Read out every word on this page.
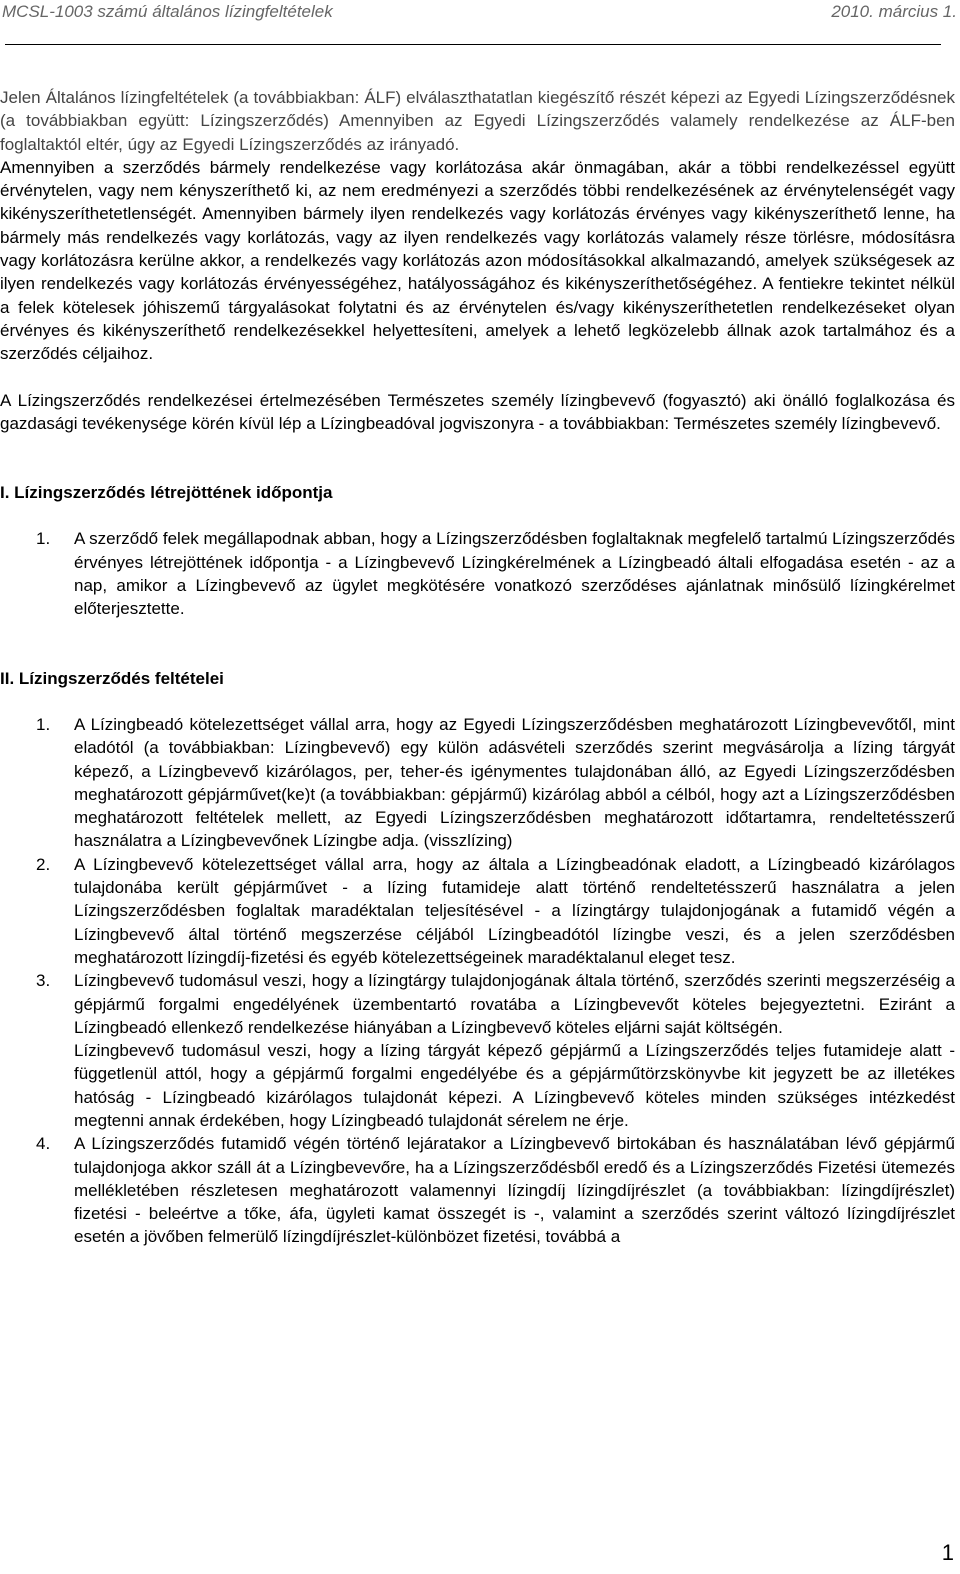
MCSL-1003 számú általános lízingfeltételek	2010. március 1.

Jelen Általános lízingfeltételek (a továbbiakban: ÁLF) elválaszthatatlan kiegészítő részét képezi az Egyedi Lízingszerződésnek (a továbbiakban együtt: Lízingszerződés) Amennyiben az Egyedi Lízingszerződés valamely rendelkezése az ÁLF-ben foglaltaktól eltér, úgy az Egyedi Lízingszerződés az irányadó.

Amennyiben a szerződés bármely rendelkezése vagy korlátozása akár önmagában, akár a többi rendelkezéssel együtt érvénytelen, vagy nem kényszeríthető ki, az nem eredményezi a szerződés többi rendelkezésének az érvénytelenségét vagy kikényszeríthetetlenségét. Amennyiben bármely ilyen rendelkezés vagy korlátozás érvényes vagy kikényszeríthető lenne, ha bármely más rendelkezés vagy korlátozás, vagy az ilyen rendelkezés vagy korlátozás valamely része törlésre, módosításra vagy korlátozásra kerülne akkor, a rendelkezés vagy korlátozás azon módosításokkal alkalmazandó, amelyek szükségesek az ilyen rendelkezés vagy korlátozás érvényességéhez, hatályosságához és kikényszeríthetőségéhez. A fentiekre tekintet nélkül a felek kötelesek jóhiszemű tárgyalásokat folytatni és az érvénytelen és/vagy kikényszeríthetetlen rendelkezéseket olyan érvényes és kikényszeríthető rendelkezésekkel helyettesíteni, amelyek a lehető legközelebb állnak azok tartalmához és a szerződés céljaihoz.

A Lízingszerződés rendelkezései értelmezésében Természetes személy lízingbevevő (fogyasztó) aki önálló foglalkozása és gazdasági tevékenysége körén kívül lép a Lízingbeadóval jogviszonyra - a továbbiakban: Természetes személy lízingbevevő.

I. Lízingszerződés létrejöttének időpontja

1. A szerződő felek megállapodnak abban, hogy a Lízingszerződésben foglaltaknak megfelelő tartalmú Lízingszerződés érvényes létrejöttének időpontja - a Lízingbevevő Lízingkérelmének a Lízingbeadó általi elfogadása esetén - az a nap, amikor a Lízingbevevő az ügylet megkötésére vonatkozó szerződéses ajánlatnak minősülő lízingkérelmet előterjesztette.

II. Lízingszerződés feltételei

1. A Lízingbeadó kötelezettséget vállal arra, hogy az Egyedi Lízingszerződésben meghatározott Lízingbevevőtől, mint eladótól (a továbbiakban: Lízingbevevő) egy külön adásvételi szerződés szerint megvásárolja a lízing tárgyát képező, a Lízingbevevő kizárólagos, per, teher-és igénymentes tulajdonában álló, az Egyedi Lízingszerződésben meghatározott gépjárművet(ke)t (a továbbiakban: gépjármű) kizárólag abból a célból, hogy azt a Lízingszerződésben meghatározott feltételek mellett, az Egyedi Lízingszerződésben meghatározott időtartamra, rendeltetésszerű használatra a Lízingbevevőnek Lízingbe adja. (visszlízing)
2. A Lízingbevevő kötelezettséget vállal arra, hogy az általa a Lízingbeadónak eladott, a Lízingbeadó kizárólagos tulajdonába került gépjárművet - a lízing futamideje alatt történő rendeltetésszerű használatra a jelen Lízingszerződésben foglaltak maradéktalan teljesítésével - a lízingtárgy tulajdonjogának a futamidő végén a Lízingbevevő által történő megszerzése céljából Lízingbeadótól lízingbe veszi, és a jelen szerződésben meghatározott lízingdíj-fizetési és egyéb kötelezettségeinek maradéktalanul eleget tesz.
3. Lízingbevevő tudomásul veszi, hogy a lízingtárgy tulajdonjogának általa történő, szerződés szerinti megszerzéséig a gépjármű forgalmi engedélyének üzembentartó rovatába a Lízingbevevőt köteles bejegyeztetni. Eziránt a Lízingbeadó ellenkező rendelkezése hiányában a Lízingbevevő köteles eljárni saját költségén.

Lízingbevevő tudomásul veszi, hogy a lízing tárgyát képező gépjármű a Lízingszerződés teljes futamideje alatt - függetlenül attól, hogy a gépjármű forgalmi engedélyébe és a gépjárműtörzskönyvbe kit jegyzett be az illetékes hatóság - Lízingbeadó kizárólagos tulajdonát képezi. A Lízingbevevő köteles minden szükséges intézkedést megtenni annak érdekében, hogy Lízingbeadó tulajdonát sérelem ne érje.

4. A Lízingszerződés futamidő végén történő lejáratakor a Lízingbevevő birtokában és használatában lévő gépjármű tulajdonjoga akkor száll át a Lízingbevevőre, ha a Lízingszerződésből eredő és a Lízingszerződés Fizetési ütemezés mellékletében részletesen meghatározott valamennyi lízingdíj lízingdíjrészlet (a továbbiakban: lízingdíjrészlet) fizetési - beleértve a tőke, áfa, ügyleti kamat összegét is -, valamint a szerződés szerint változó lízingdíjrészlet esetén a jövőben felmerülő lízingdíjrészlet-különbözet fizetési, továbbá a
1
